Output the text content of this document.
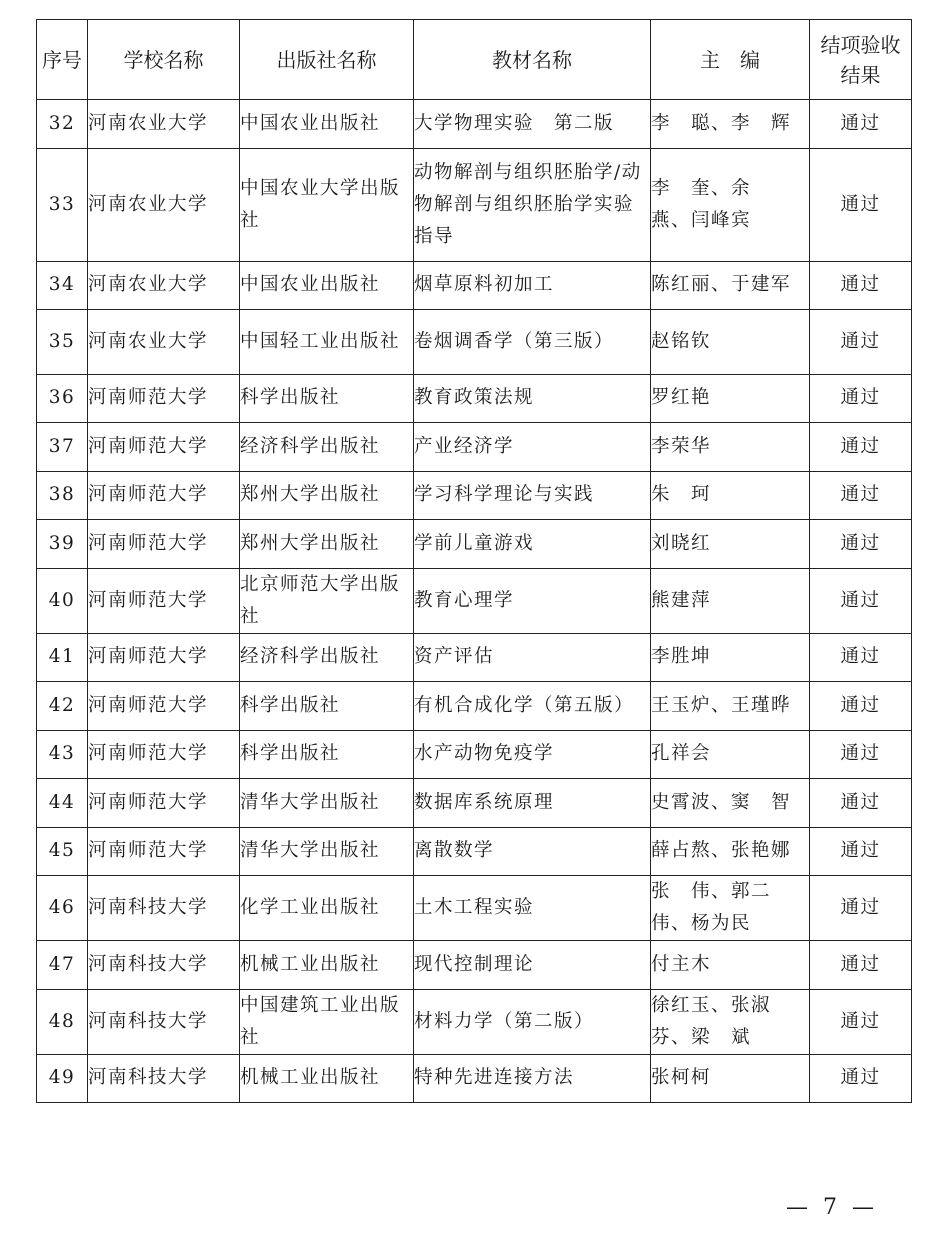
序号	学校名称	出版社名称	教材名称	主　编	结项验收
结果
32	河南农业大学	中国农业出版社	大学物理实验　第二版	李　聪、李　辉	通过
33	河南农业大学	中国农业大学出版社	动物解剖与组织胚胎学/动物解剖与组织胚胎学实验指导	李　奎、余　燕、闫峰宾	通过
34	河南农业大学	中国农业出版社	烟草原料初加工	陈红丽、于建军	通过
35	河南农业大学	中国轻工业出版社	卷烟调香学（第三版）	赵铭钦	通过
36	河南师范大学	科学出版社	教育政策法规	罗红艳	通过
37	河南师范大学	经济科学出版社	产业经济学	李荣华	通过
38	河南师范大学	郑州大学出版社	学习科学理论与实践	朱　珂	通过
39	河南师范大学	郑州大学出版社	学前儿童游戏	刘晓红	通过
40	河南师范大学	北京师范大学出版社	教育心理学	熊建萍	通过
41	河南师范大学	经济科学出版社	资产评估	李胜坤	通过
42	河南师范大学	科学出版社	有机合成化学（第五版）	王玉炉、王瑾晔	通过
43	河南师范大学	科学出版社	水产动物免疫学	孔祥会	通过
44	河南师范大学	清华大学出版社	数据库系统原理	史霄波、窦　智	通过
45	河南师范大学	清华大学出版社	离散数学	薛占熬、张艳娜	通过
46	河南科技大学	化学工业出版社	土木工程实验	张　伟、郭二伟、杨为民	通过
47	河南科技大学	机械工业出版社	现代控制理论	付主木	通过
48	河南科技大学	中国建筑工业出版社	材料力学（第二版）	徐红玉、张淑芬、梁　斌	通过
49	河南科技大学	机械工业出版社	特种先进连接方法	张柯柯	通过
— 7 —
